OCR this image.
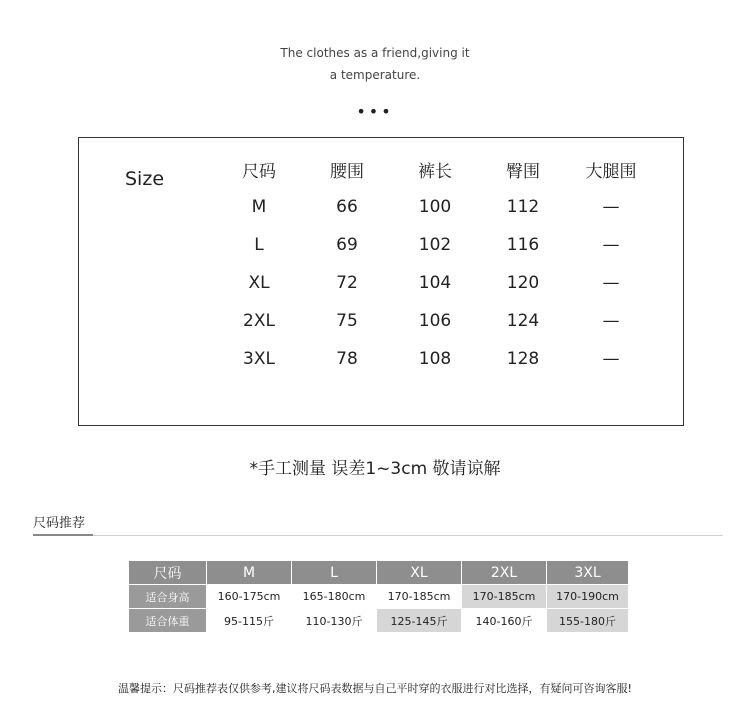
The clothes as a friend,giving it
a temperature.
•••
Size	尺码	腰围	裤长	臀围	大腿围
M	66	100	112	—
L	69	102	116	—
XL	72	104	120	—
2XL	75	106	124	—
3XL	78	108	128	—
*手工测量 误差1~3cm 敬请谅解
尺码推荐
尺码	M	L	XL	2XL	3XL
适合身高	160-175cm	165-180cm	170-185cm	170-185cm	170-190cm
适合体重	95-115斤	110-130斤	125-145斤	140-160斤	155-180斤
温馨提示：尺码推荐表仅供参考,建议将尺码表数据与自己平时穿的衣服进行对比选择，有疑问可咨询客服!
